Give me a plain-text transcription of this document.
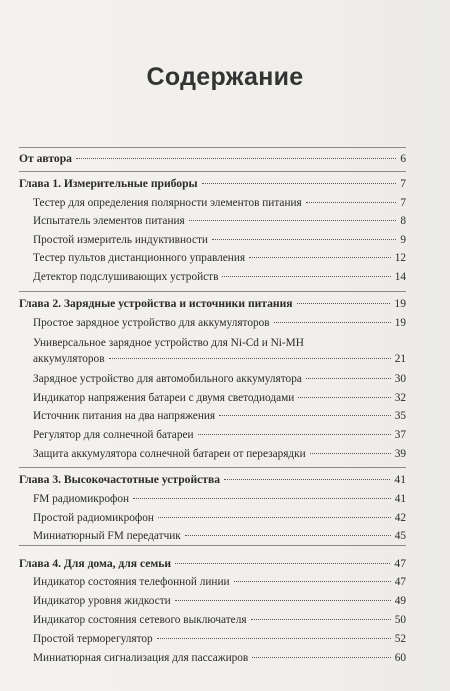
Содержание
От автора	6
Глава 1. Измерительные приборы	7
Тестер для определения полярности элементов питания	7
Испытатель элементов питания	8
Простой измеритель индуктивности	9
Тестер пультов дистанционного управления	12
Детектор подслушивающих устройств	14
Глава 2. Зарядные устройства и источники питания	19
Простое зарядное устройство для аккумуляторов	19
Универсальное зарядное устройство для Ni-Cd и Ni-MH
аккумуляторов	21
Зарядное устройство для автомобильного аккумулятора	30
Индикатор напряжения батареи с двумя светодиодами	32
Источник питания на два напряжения	35
Регулятор для солнечной батареи	37
Защита аккумулятора солнечной батареи от перезарядки	39
Глава 3. Высокочастотные устройства	41
FM радиомикрофон	41
Простой радиомикрофон	42
Миниатюрный FM передатчик	45
Глава 4. Для дома, для семьи	47
Индикатор состояния телефонной линии	47
Индикатор уровня жидкости	49
Индикатор состояния сетевого выключателя	50
Простой терморегулятор	52
Миниатюрная сигнализация для пассажиров	60
